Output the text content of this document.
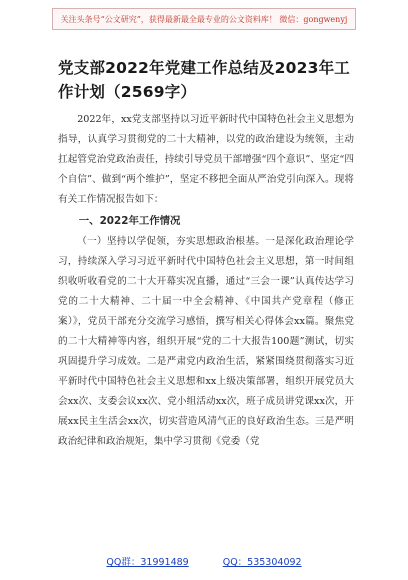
关注头条号“公文研究”，获得最新最全最专业的公文资料库！ 微信：gongwenyj
党支部2022年党建工作总结及2023年工作计划（2569字）

2022年，xx党支部坚持以习近平新时代中国特色社会主义思想为指导，认真学习贯彻党的二十大精神，以党的政治建设为统领，主动扛起管党治党政治责任，持续引导党员干部增强“四个意识”、坚定“四个自信”、做到“两个维护”，坚定不移把全面从严治党引向深入。现将有关工作情况报告如下：

一、2022年工作情况

（一）坚持以学促领，夯实思想政治根基。一是深化政治理论学习，持续深入学习习近平新时代中国特色社会主义思想，第一时间组织收听收看党的二十大开幕实况直播，通过“三会一课”认真传达学习党的二十大精神、二十届一中全会精神、《中国共产党章程（修正案）》，党员干部充分交流学习感悟，撰写相关心得体会xx篇。聚焦党的二十大精神等内容，组织开展“党的二十大报告100题”测试，切实巩固提升学习成效。二是严肃党内政治生活，紧紧围绕贯彻落实习近平新时代中国特色社会主义思想和xx上级决策部署，组织开展党员大会xx次、支委会议xx次、党小组活动xx次，班子成员讲党课xx次，开展xx民主生活会xx次，切实营造风清气正的良好政治生态。三是严明政治纪律和政治规矩，集中学习贯彻《党委（党

QQ群：31991489	QQ：535304092
